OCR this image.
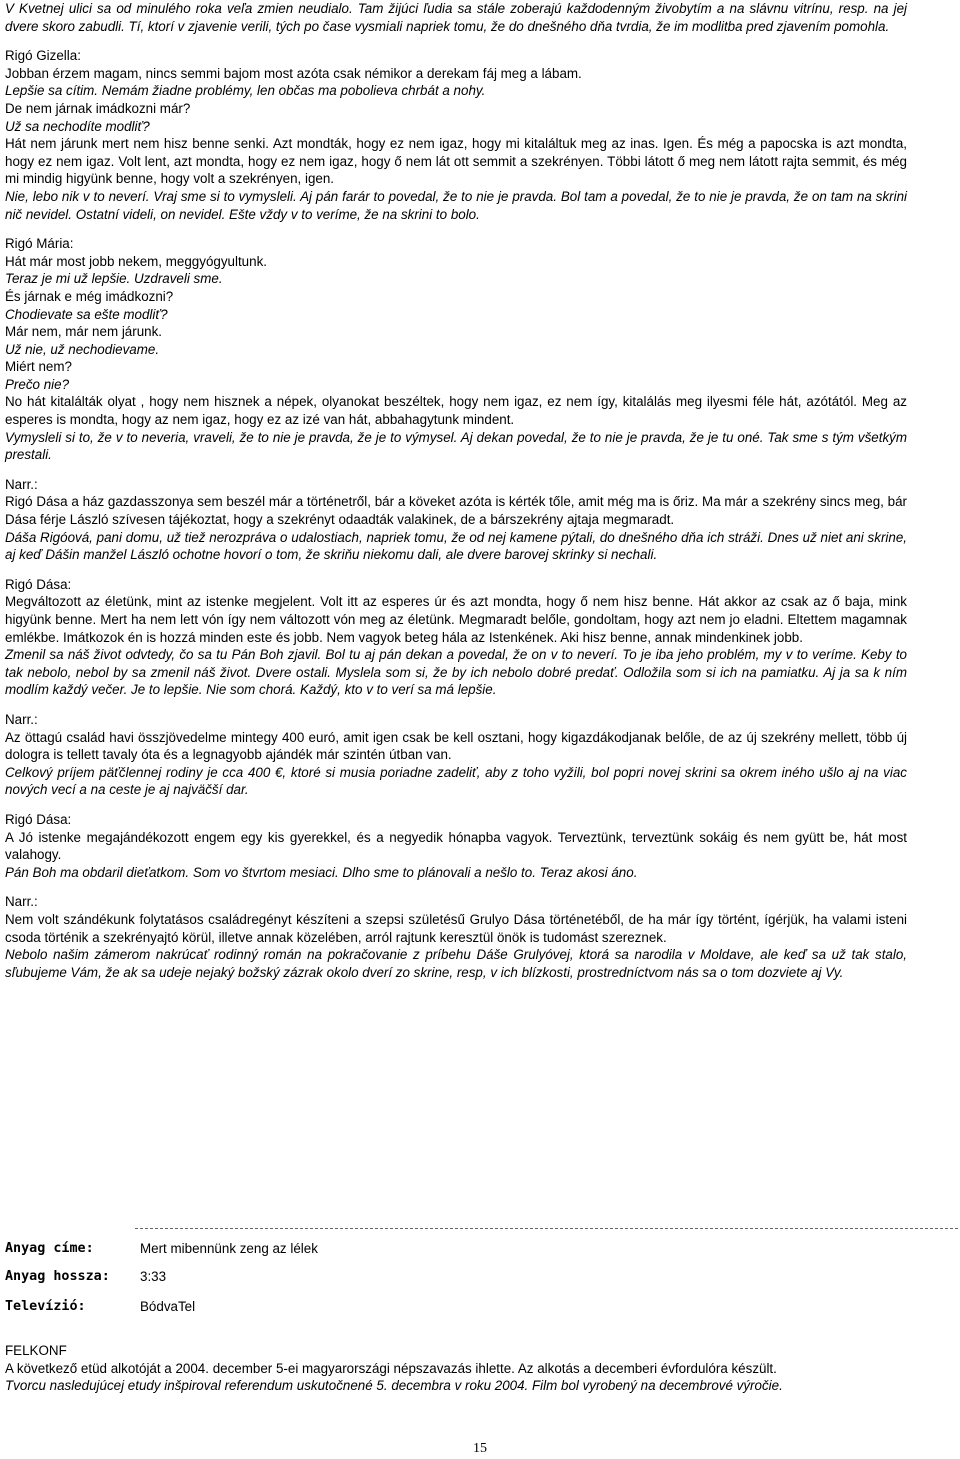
V Kvetnej ulici sa od minulého roka veľa zmien neudialo. Tam žijúci ľudia sa stále zoberajú každodenným živobytím a na slávnu vitrínu, resp. na jej dvere skoro zabudli. Tí, ktorí v zjavenie verili, tých po čase vysmiali napriek tomu, že do dnešného dňa tvrdia, že im modlitba pred zjavením pomohla.

Rigó Gizella:

Jobban érzem magam, nincs semmi bajom most azóta csak némikor a derekam fáj meg a lábam.

Lepšie sa cítim. Nemám žiadne problémy, len občas ma pobolieva chrbát a nohy.

De nem járnak imádkozni már?

Už sa nechodíte modliť?

Hát nem járunk mert nem hisz benne senki. Azt mondták, hogy ez nem igaz, hogy mi kitaláltuk meg az inas. Igen. És még a papocska is azt mondta, hogy ez nem igaz. Volt lent, azt mondta, hogy ez nem igaz, hogy ő nem lát ott semmit a szekrényen. Többi látott ő meg nem látott rajta semmit, és még mi mindig higyünk benne, hogy volt a szekrényen, igen.

Nie, lebo nik v to neverí. Vraj sme si to vymysleli. Aj pán farár to povedal, že to nie je pravda. Bol tam a povedal, že to nie je pravda, že on tam na skrini nič nevidel. Ostatní videli, on nevidel. Ešte vždy v to veríme, že na skrini to bolo.

Rigó Mária:

Hát már most jobb nekem, meggyógyultunk.

Teraz je mi už lepšie. Uzdraveli sme.

És járnak e még imádkozni?

Chodievate sa ešte modliť?

Már nem, már nem járunk.

Už nie, už nechodievame.

Miért nem?

Prečo nie?

No hát kitalálták olyat , hogy nem hisznek a népek, olyanokat beszéltek, hogy nem igaz, ez nem így, kitalálás meg ilyesmi féle hát, azótától. Meg az esperes is mondta, hogy az nem igaz, hogy ez az izé van hát, abbahagytunk mindent.

Vymysleli si to, že v to neveria, vraveli, že to nie je pravda, že je to výmysel. Aj dekan povedal, že to nie je pravda, že je tu oné. Tak sme s tým všetkým prestali.

Narr.:

Rigó Dása a ház gazdasszonya sem beszél már a történetről, bár a köveket azóta is kérték tőle, amit még ma is őriz. Ma már a szekrény sincs meg, bár Dása férje László szívesen tájékoztat, hogy a szekrényt odaadták valakinek, de a bárszekrény ajtaja megmaradt.

Dáša Rigóová, pani domu, už tiež nerozpráva o udalostiach, napriek tomu, že od nej kamene pýtali, do dnešného dňa ich stráži. Dnes už niet ani skrine, aj keď Dášin manžel László ochotne hovorí o tom, že skriňu niekomu dali, ale dvere barovej skrinky si nechali.

Rigó Dása:

Megváltozott az életünk, mint az istenke megjelent. Volt itt az esperes úr és azt mondta, hogy ő nem hisz benne. Hát akkor az csak az ő baja, mink higyünk benne. Mert ha nem lett vón így nem változott vón meg az életünk. Megmaradt belőle, gondoltam, hogy azt nem jo eladni. Eltettem magamnak emlékbe. Imátkozok én is hozzá minden este és jobb. Nem vagyok beteg hála az Istenkének. Aki hisz benne, annak mindenkinek jobb.

Zmenil sa náš život odvtedy, čo sa tu Pán Boh zjavil. Bol tu aj pán dekan a povedal, že on v to neverí. To je iba jeho problém, my v to veríme. Keby to tak nebolo, nebol by sa zmenil náš život. Dvere ostali. Myslela som si, že by ich nebolo dobré predať. Odložila som si ich na pamiatku. Aj ja sa k ním modlím každý večer. Je to lepšie. Nie som chorá. Každý, kto v to verí sa má lepšie.

Narr.:

Az öttagú család havi összjövedelme mintegy 400 euró, amit igen csak be kell osztani, hogy kigazdákodjanak belőle, de az új szekrény mellett, több új dologra is tellett tavaly óta és a legnagyobb ajándék már szintén útban van.

Celkový príjem päťčlennej rodiny je cca 400 €, ktoré si musia poriadne zadeliť, aby z toho vyžili, bol popri novej skrini sa okrem iného ušlo aj na viac nových vecí a na ceste je aj najväčší dar.

Rigó Dása:

A Jó istenke megajándékozott engem egy kis gyerekkel, és a negyedik hónapba vagyok. Terveztünk, terveztünk sokáig és nem gyütt be, hát most valahogy.

Pán Boh ma obdaril dieťatkom. Som vo štvrtom mesiaci. Dlho sme to plánovali a nešlo to. Teraz akosi áno.

Narr.:

Nem volt szándékunk folytatásos családregényt készíteni a szepsi születésű Grulyo Dása történetéből, de ha már így történt, ígérjük, ha valami isteni csoda történik a szekrényajtó körül, illetve annak közelében, arról rajtunk keresztül önök is tudomást szereznek.

Nebolo našim zámerom nakrúcať rodinný román na pokračovanie z príbehu Dáše Grulyóvej, ktorá sa narodila v Moldave, ale keď sa už tak stalo, sľubujeme Vám, že ak sa udeje nejaký božský zázrak okolo dverí zo skrine, resp, v ich blízkosti, prostredníctvom nás sa o tom dozviete aj Vy.

Anyag címe:	Mert mibennünk zeng az lélek
Anyag hossza: 3:33
Televízió:	BódvaTel

FELKONF

A következő etüd alkotóját a 2004. december 5-ei magyarországi népszavazás ihlette. Az alkotás a decemberi évfordulóra készült.

Tvorcu nasledujúcej etudy inšpiroval referendum uskutočnené 5. decembra v roku 2004. Film bol vyrobený na decembrové výročie.

15
